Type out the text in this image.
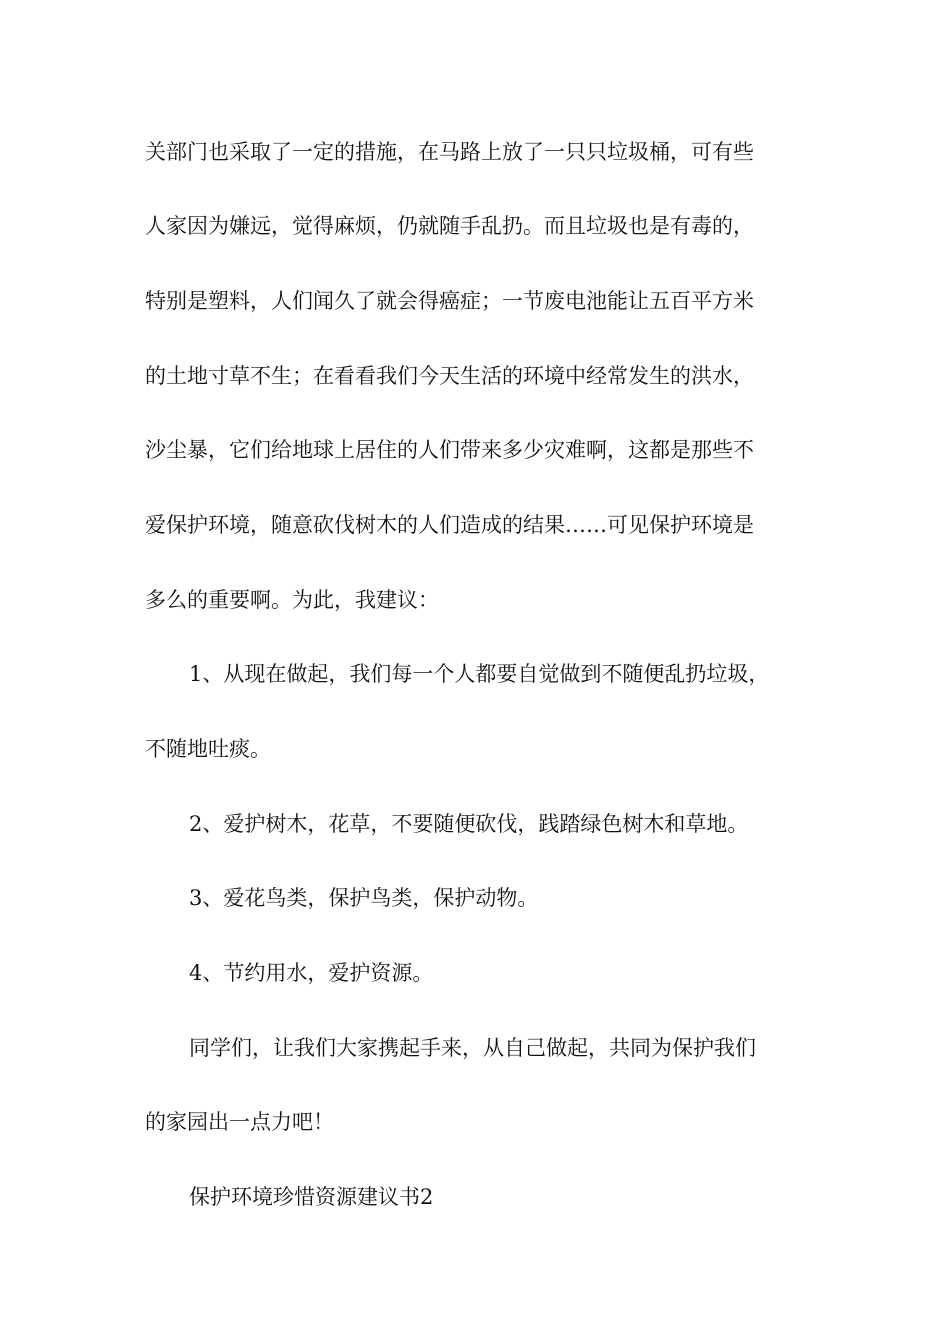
关部门也采取了一定的措施，在马路上放了一只只垃圾桶，可有些
人家因为嫌远，觉得麻烦，仍就随手乱扔。而且垃圾也是有毒的，
特别是塑料，人们闻久了就会得癌症；一节废电池能让五百平方米
的土地寸草不生；在看看我们今天生活的环境中经常发生的洪水，
沙尘暴，它们给地球上居住的人们带来多少灾难啊，这都是那些不
爱保护环境，随意砍伐树木的人们造成的结果……可见保护环境是
多么的重要啊。为此，我建议：
1、从现在做起，我们每一个人都要自觉做到不随便乱扔垃圾，
不随地吐痰。
2、爱护树木，花草，不要随便砍伐，践踏绿色树木和草地。
3、爱花鸟类，保护鸟类，保护动物。
4、节约用水，爱护资源。
同学们，让我们大家携起手来，从自己做起，共同为保护我们
的家园出一点力吧！
保护环境珍惜资源建议书2
